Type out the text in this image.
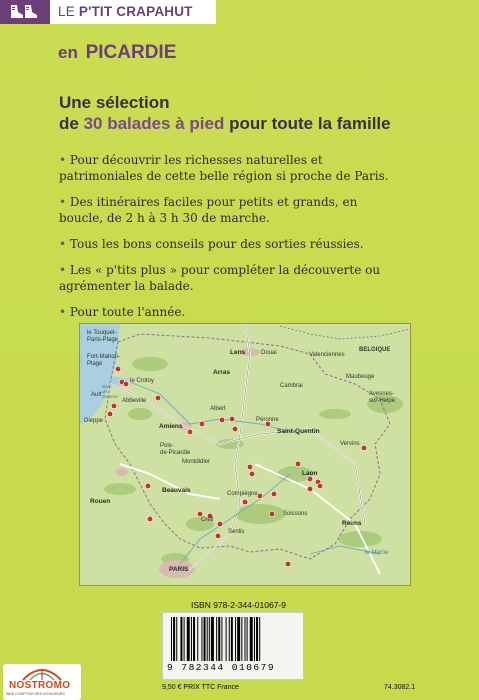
LE P'TIT CRAPAHUT
en PICARDIE
Une sélection
de 30 balades à pied pour toute la famille
• Pour découvrir les richesses naturelles et patrimoniales de cette belle région si proche de Paris.
• Des itinéraires faciles pour petits et grands, en boucle, de 2 h à 3 h 30 de marche.
• Tous les bons conseils pour des sorties réussies.
• Les « p'tits plus » pour compléter la découverte ou agrémenter la balade.
• Pour toute l'année.
le Touquet-
Paris-Plage
Fort-Mahon-
Plage
le Crotoy
Baie
de
Somme
Ault
Abbeville
Dieppe
Lens	Douai	Valenciennes
BELGIQUE
Arras
Cambrai
Maubeuge
Avesnes-
sur-Helpe
Albert
Amiens
Péronne
Saint-Quentin
Poix-
de-Picardie
Montdidier
Vervins
Laon
Rouen
Beauvais	Compiègne
Soissons
Creil
Senlis
Reims
PARIS
la Marne
ISBN 978-2-344-01067-9
9 782344 010679
9,50 € PRIX TTC France	74.3082.1
NOSTROMO
WEB COMPTOIR DES VOYAGEURS
